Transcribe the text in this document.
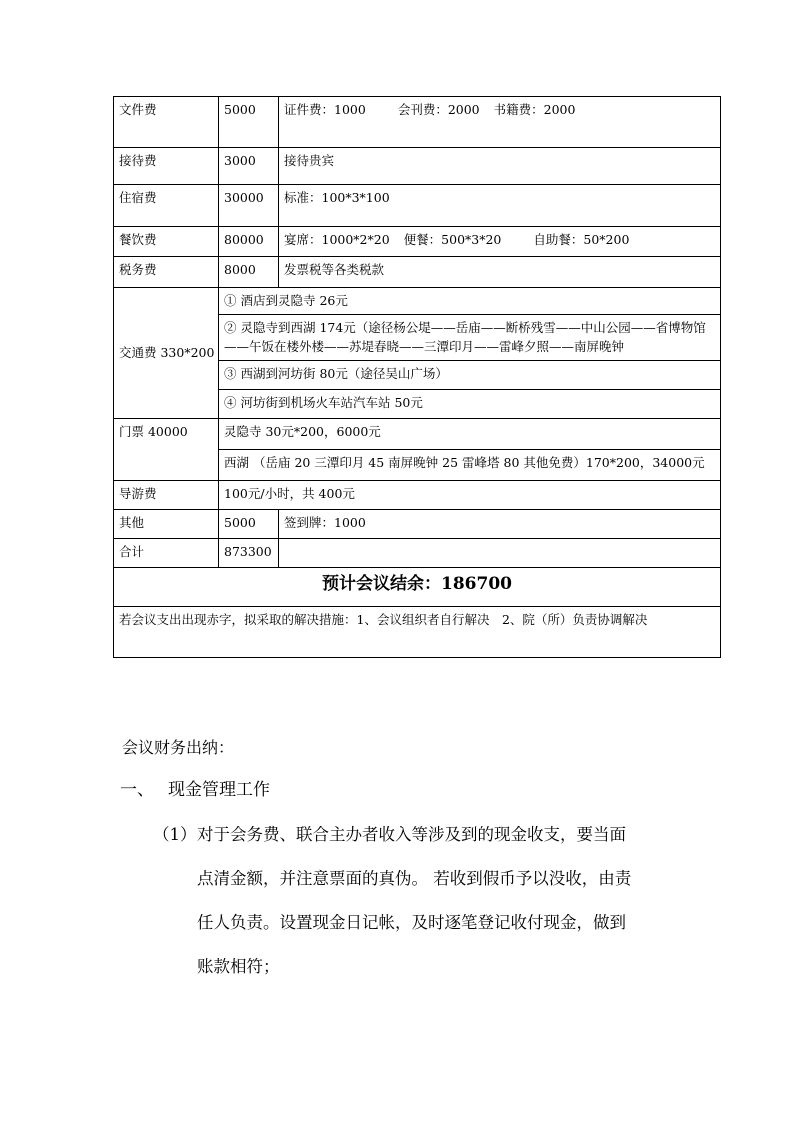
文件费	5000	证件费：1000 会刊费：2000 书籍费：2000
接待费	3000	接待贵宾
住宿费	30000	标准：100*3*100
餐饮费	80000	宴席：1000*2*20 便餐：500*3*20 自助餐：50*200
税务费	8000	发票税等各类税款
交通费 330*200	① 酒店到灵隐寺 26元	
	② 灵隐寺到西湖 174元（途径杨公堤——岳庙——断桥残雪——中山公园——省博物馆——午饭在楼外楼——苏堤春晓——三潭印月——雷峰夕照——南屏晚钟	
	③ 西湖到河坊街 80元（途径吴山广场）	
	④ 河坊街到机场火车站汽车站 50元	
门票 40000	灵隐寺 30元*200，6000元	
	西湖 （岳庙 20 三潭印月 45 南屏晚钟 25 雷峰塔 80 其他免费）170*200，34000元	
导游费	100元/小时，共 400元	
其他	5000	签到牌：1000
合计	873300	
预计会议结余：186700		
若会议支出出现赤字，拟采取的解决措施：1、会议组织者自行解决　2、院（所）负责协调解决		
会议财务出纳：
一、 现金管理工作
（1）对于会务费、联合主办者收入等涉及到的现金收支，要当面
点清金额，并注意票面的真伪。 若收到假币予以没收，由责
任人负责。设置现金日记帐，及时逐笔登记收付现金，做到
账款相符；
